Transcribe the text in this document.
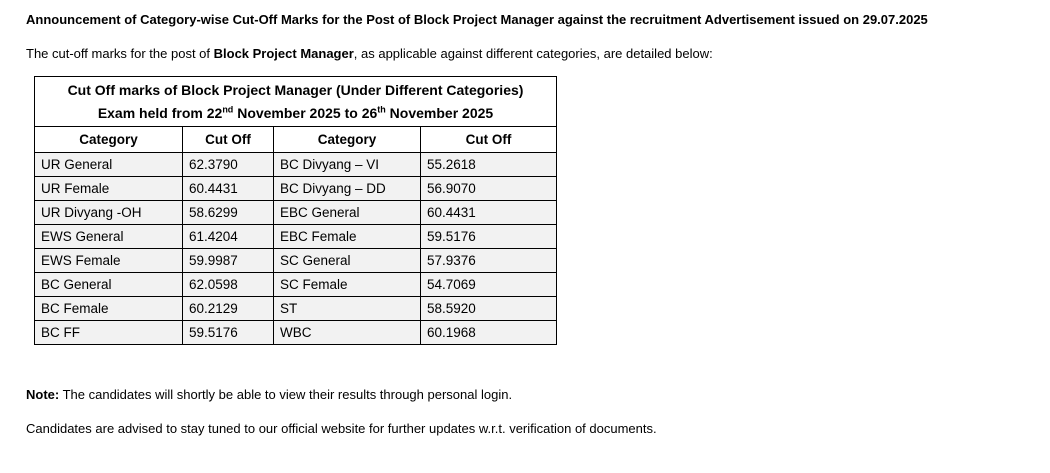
Announcement of Category-wise Cut-Off Marks for the Post of Block Project Manager against the recruitment Advertisement issued on 29.07.2025
The cut-off marks for the post of Block Project Manager, as applicable against different categories, are detailed below:
Cut Off marks of Block Project Manager (Under Different Categories)
Exam held from 22nd November 2025 to 26th November 2025			

Category	Cut Off	Category	Cut Off
UR General	62.3790	BC Divyang – VI	55.2618
UR Female	60.4431	BC Divyang – DD	56.9070
UR Divyang -OH	58.6299	EBC General	60.4431
EWS General	61.4204	EBC Female	59.5176
EWS Female	59.9987	SC General	57.9376
BC General	62.0598	SC Female	54.7069
BC Female	60.2129	ST	58.5920
BC FF	59.5176	WBC	60.1968
Note: The candidates will shortly be able to view their results through personal login.
Candidates are advised to stay tuned to our official website for further updates w.r.t. verification of documents.
